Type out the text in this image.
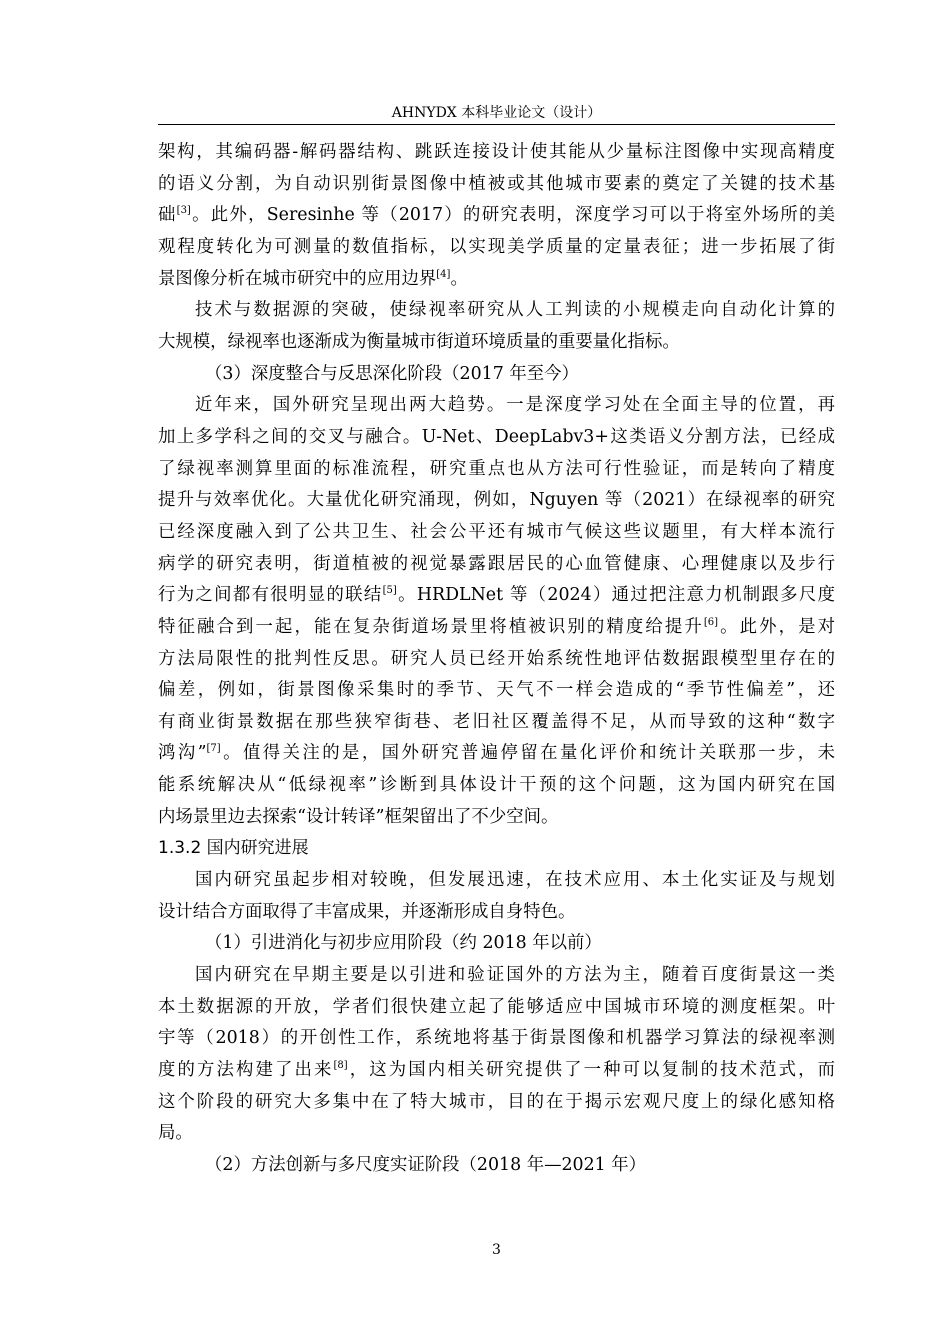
AHNYDX 本科毕业论文（设计）
架构，其编码器-解码器结构、跳跃连接设计使其能从少量标注图像中实现高精度
的语义分割，为自动识别街景图像中植被或其他城市要素的奠定了关键的技术基
础[3]。此外，Seresinhe 等（2017）的研究表明，深度学习可以于将室外场所的美
观程度转化为可测量的数值指标，以实现美学质量的定量表征；进一步拓展了街
景图像分析在城市研究中的应用边界[4]。
技术与数据源的突破，使绿视率研究从人工判读的小规模走向自动化计算的
大规模，绿视率也逐渐成为衡量城市街道环境质量的重要量化指标。
（3）深度整合与反思深化阶段（2017 年至今）
近年来，国外研究呈现出两大趋势。一是深度学习处在全面主导的位置，再
加上多学科之间的交叉与融合。U-Net、DeepLabv3+这类语义分割方法，已经成
了绿视率测算里面的标准流程，研究重点也从方法可行性验证，而是转向了精度
提升与效率优化。大量优化研究涌现，例如，Nguyen 等（2021）在绿视率的研究
已经深度融入到了公共卫生、社会公平还有城市气候这些议题里，有大样本流行
病学的研究表明，街道植被的视觉暴露跟居民的心血管健康、心理健康以及步行
行为之间都有很明显的联结[5]。HRDLNet 等（2024）通过把注意力机制跟多尺度
特征融合到一起，能在复杂街道场景里将植被识别的精度给提升[6]。此外，是对
方法局限性的批判性反思。研究人员已经开始系统性地评估数据跟模型里存在的
偏差，例如，街景图像采集时的季节、天气不一样会造成的“季节性偏差”，还
有商业街景数据在那些狭窄街巷、老旧社区覆盖得不足，从而导致的这种“数字
鸿沟”[7]。值得关注的是，国外研究普遍停留在量化评价和统计关联那一步，未
能系统解决从“低绿视率”诊断到具体设计干预的这个问题，这为国内研究在国
内场景里边去探索“设计转译”框架留出了不少空间。
1.3.2 国内研究进展
国内研究虽起步相对较晚，但发展迅速，在技术应用、本土化实证及与规划
设计结合方面取得了丰富成果，并逐渐形成自身特色。
（1）引进消化与初步应用阶段（约 2018 年以前）
国内研究在早期主要是以引进和验证国外的方法为主，随着百度街景这一类
本土数据源的开放，学者们很快建立起了能够适应中国城市环境的测度框架。叶
宇等（2018）的开创性工作，系统地将基于街景图像和机器学习算法的绿视率测
度的方法构建了出来[8]，这为国内相关研究提供了一种可以复制的技术范式，而
这个阶段的研究大多集中在了特大城市，目的在于揭示宏观尺度上的绿化感知格
局。
（2）方法创新与多尺度实证阶段（2018 年—2021 年）
3
